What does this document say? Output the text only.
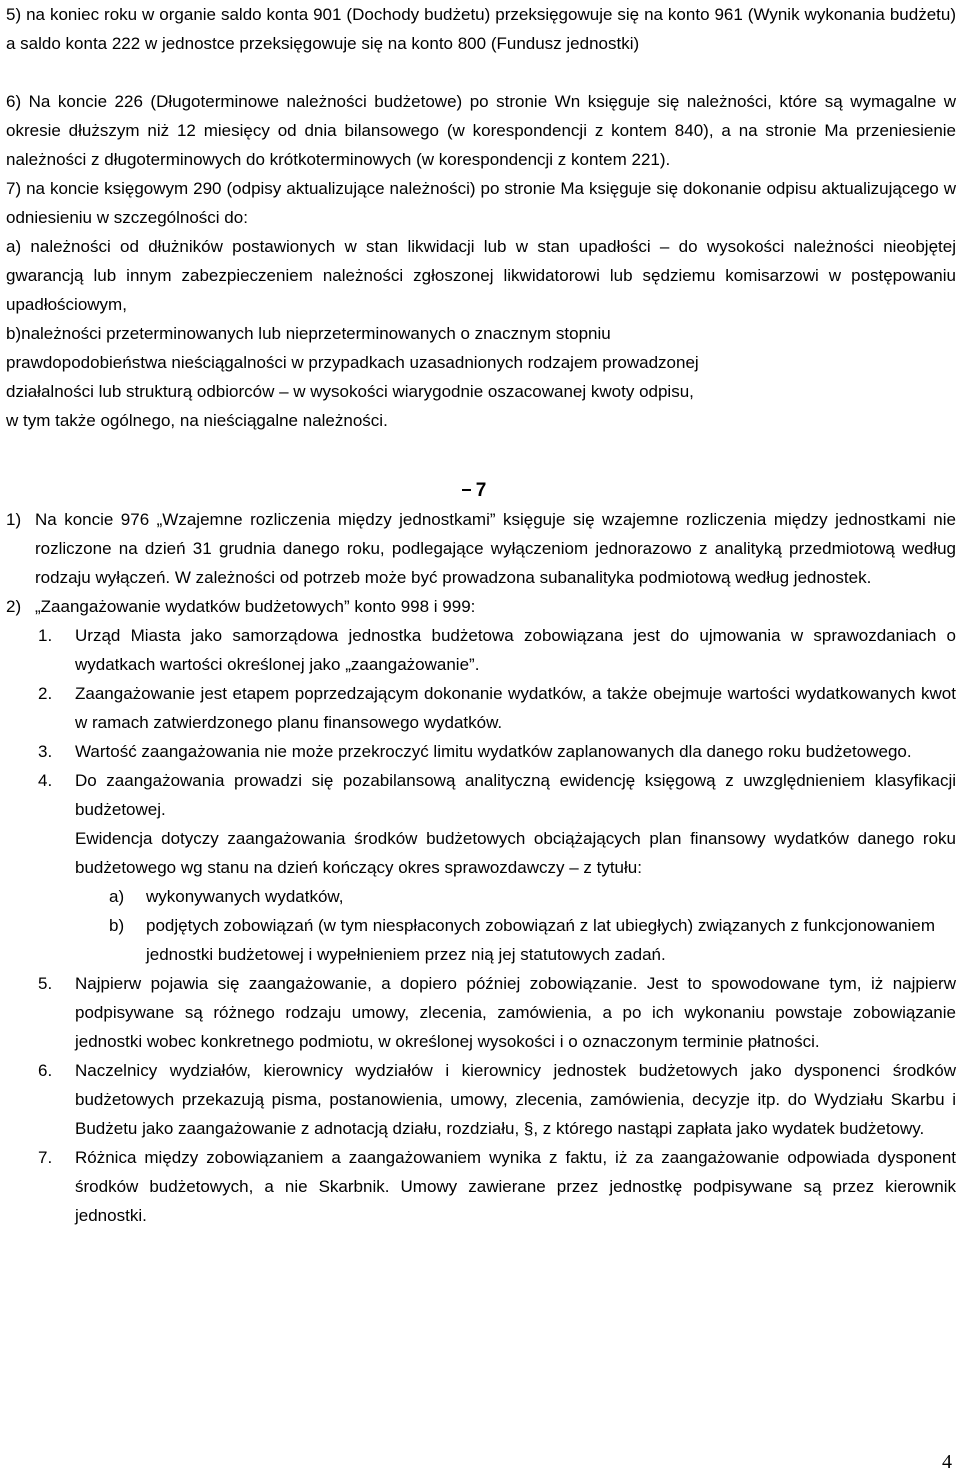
5) na koniec roku w organie saldo konta 901 (Dochody budżetu) przeksięgowuje się na konto 961 (Wynik wykonania budżetu) a saldo konta 222 w jednostce przeksięgowuje się na konto 800 (Fundusz jednostki)

6) Na koncie 226 (Długoterminowe należności budżetowe) po stronie Wn księguje się należności, które są wymagalne w okresie dłuższym niż 12 miesięcy od dnia bilansowego (w korespondencji z kontem 840), a na stronie Ma przeniesienie należności z długoterminowych do krótkoterminowych (w korespondencji z kontem 221).

7) na koncie księgowym 290 (odpisy aktualizujące należności) po stronie Ma księguje się dokonanie odpisu aktualizującego w odniesieniu w szczególności do:

a) należności od dłużników postawionych w stan likwidacji lub w stan upadłości – do wysokości należności nieobjętej gwarancją lub innym zabezpieczeniem należności zgłoszonej likwidatorowi lub sędziemu komisarzowi w postępowaniu upadłościowym,

b)należności przeterminowanych lub nieprzeterminowanych o znacznym stopniu

prawdopodobieństwa nieściągalności w przypadkach uzasadnionych rodzajem prowadzonej

działalności lub strukturą odbiorców – w wysokości wiarygodnie oszacowanej kwoty odpisu,

w tym także ogólnego, na nieściągalne należności.

7

1) Na koncie 976 „Wzajemne rozliczenia między jednostkami” księguje się wzajemne rozliczenia między jednostkami nie rozliczone na dzień 31 grudnia danego roku, podlegające wyłączeniom jednorazowo z analityką przedmiotową według rodzaju wyłączeń. W zależności od potrzeb może być prowadzona subanalityka podmiotową według jednostek.
2) „Zaangażowanie wydatków budżetowych” konto 998 i 999:
1.	Urząd Miasta jako samorządowa jednostka budżetowa zobowiązana jest do ujmowania w sprawozdaniach o wydatkach wartości określonej jako „zaangażowanie”.
2.	Zaangażowanie jest etapem poprzedzającym dokonanie wydatków, a także obejmuje wartości wydatkowanych kwot w ramach zatwierdzonego planu finansowego wydatków.
3.	Wartość zaangażowania nie może przekroczyć limitu wydatków zaplanowanych dla danego roku budżetowego.
4.	Do zaangażowania prowadzi się pozabilansową analityczną ewidencję księgową z uwzględnieniem klasyfikacji budżetowej.

Ewidencja dotyczy zaangażowania środków budżetowych obciążających plan finansowy wydatków danego roku budżetowego wg stanu na dzień kończący okres sprawozdawczy – z tytułu:

a)	wykonywanych wydatków,
b)	podjętych zobowiązań (w tym niespłaconych zobowiązań z lat ubiegłych) związanych z funkcjonowaniem jednostki budżetowej i wypełnieniem przez nią jej statutowych zadań.
5.	Najpierw pojawia się zaangażowanie, a dopiero później zobowiązanie. Jest to spowodowane tym, iż najpierw podpisywane są różnego rodzaju umowy, zlecenia, zamówienia, a po ich wykonaniu powstaje zobowiązanie jednostki wobec konkretnego podmiotu, w określonej wysokości i o oznaczonym terminie płatności.
6.	Naczelnicy wydziałów, kierownicy wydziałów i kierownicy jednostek budżetowych jako dysponenci środków budżetowych przekazują pisma, postanowienia, umowy, zlecenia, zamówienia, decyzje itp. do Wydziału Skarbu i Budżetu jako zaangażowanie z adnotacją działu, rozdziału, §, z którego nastąpi zapłata jako wydatek budżetowy.
7.	Różnica między zobowiązaniem a zaangażowaniem wynika z faktu, iż za zaangażowanie odpowiada dysponent środków budżetowych, a nie Skarbnik. Umowy zawierane przez jednostkę podpisywane są przez kierownik jednostki.
4
